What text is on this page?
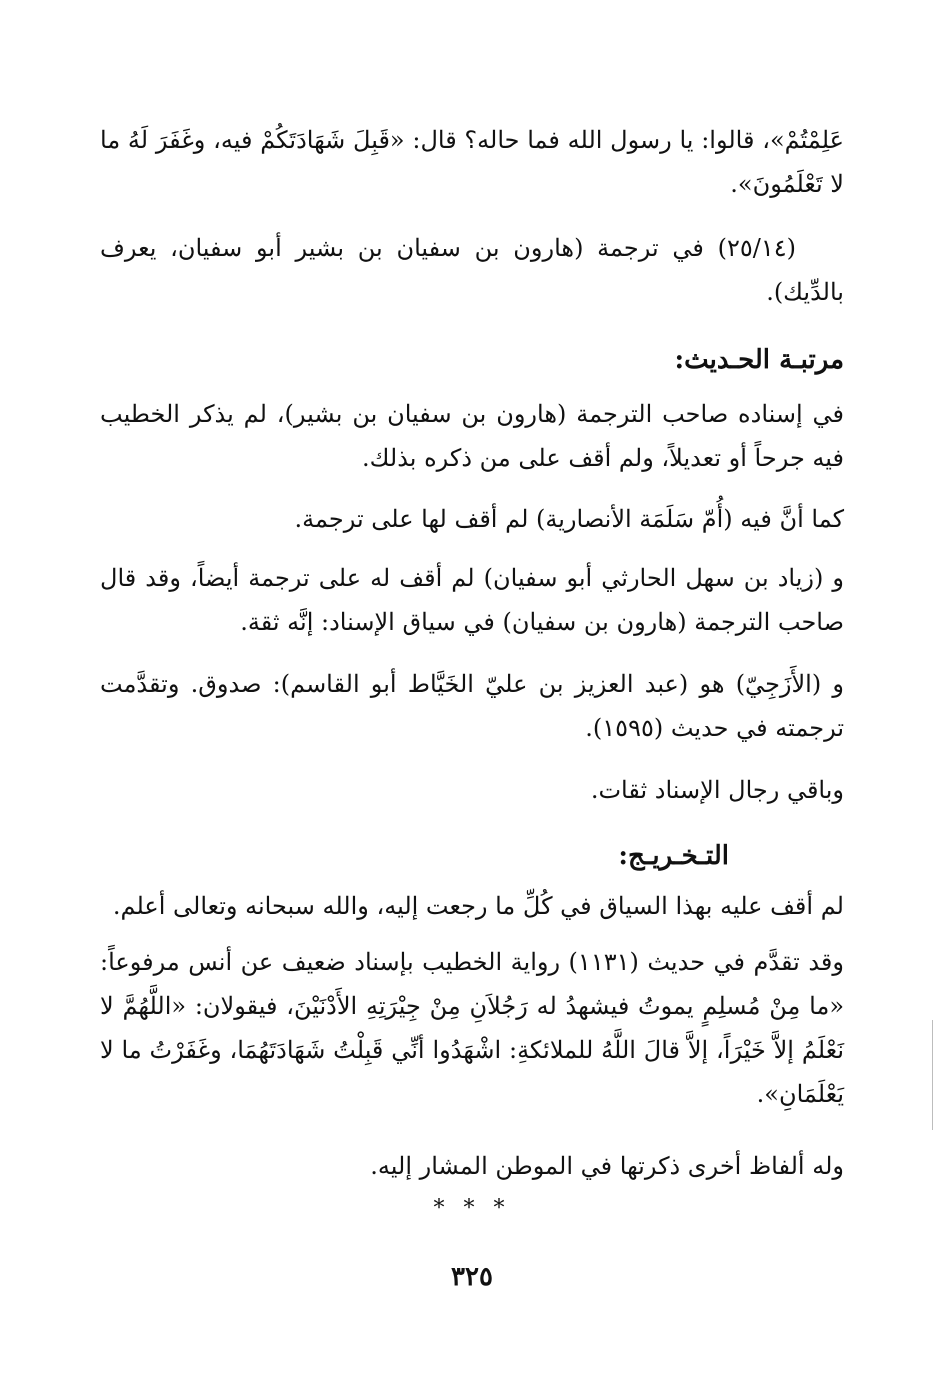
عَلِمْتُمْ»، قالوا: يا رسول الله فما حاله؟ قال: «قَبِلَ شَهَادَتَكُمْ فيه، وغَفَرَ لَهُ ما لا تَعْلَمُونَ».

(٢٥/١٤) في ترجمة (هارون بن سفيان بن بشير أبو سفيان، يعرف بالدِّيك).

مرتبـة الحـديث:

في إسناده صاحب الترجمة (هارون بن سفيان بن بشير)، لم يذكر الخطيب فيه جرحاً أو تعديلاً، ولم أقف على من ذكره بذلك.

كما أنَّ فيه (أُمّ سَلَمَة الأنصارية) لم أقف لها على ترجمة.

و (زياد بن سهل الحارثي أبو سفيان) لم أقف له على ترجمة أيضاً، وقد قال صاحب الترجمة (هارون بن سفيان) في سياق الإسناد: إنَّه ثقة.

و (الأَزَجِيّ) هو (عبد العزيز بن عليّ الخَيَّاط أبو القاسم): صدوق. وتقدَّمت ترجمته في حديث (١٥٩٥).

وباقي رجال الإسناد ثقات.

التـخـريـج:

لم أقف عليه بهذا السياق في كُلِّ ما رجعت إليه، والله سبحانه وتعالى أعلم.

وقد تقدَّم في حديث (١١٣١) رواية الخطيب بإسناد ضعيف عن أنس مرفوعاً: «ما مِنْ مُسلِمٍ يموتُ فيشهدُ له رَجُلاَنِ مِنْ جِيْرَتِهِ الأَدْنَيْنَ، فيقولان: «اللَّهُمَّ لا نَعْلَمُ إلاَّ خَيْرَاً، إلاَّ قالَ اللَّهُ للملائكةِ: اشْهَدُوا أنِّي قَبِلْتُ شَهَادَتَهُمَا، وغَفَرْتُ ما لا يَعْلَمَانِ».

وله ألفاظ أخرى ذكرتها في الموطن المشار إليه.

* * *
٣٢٥
